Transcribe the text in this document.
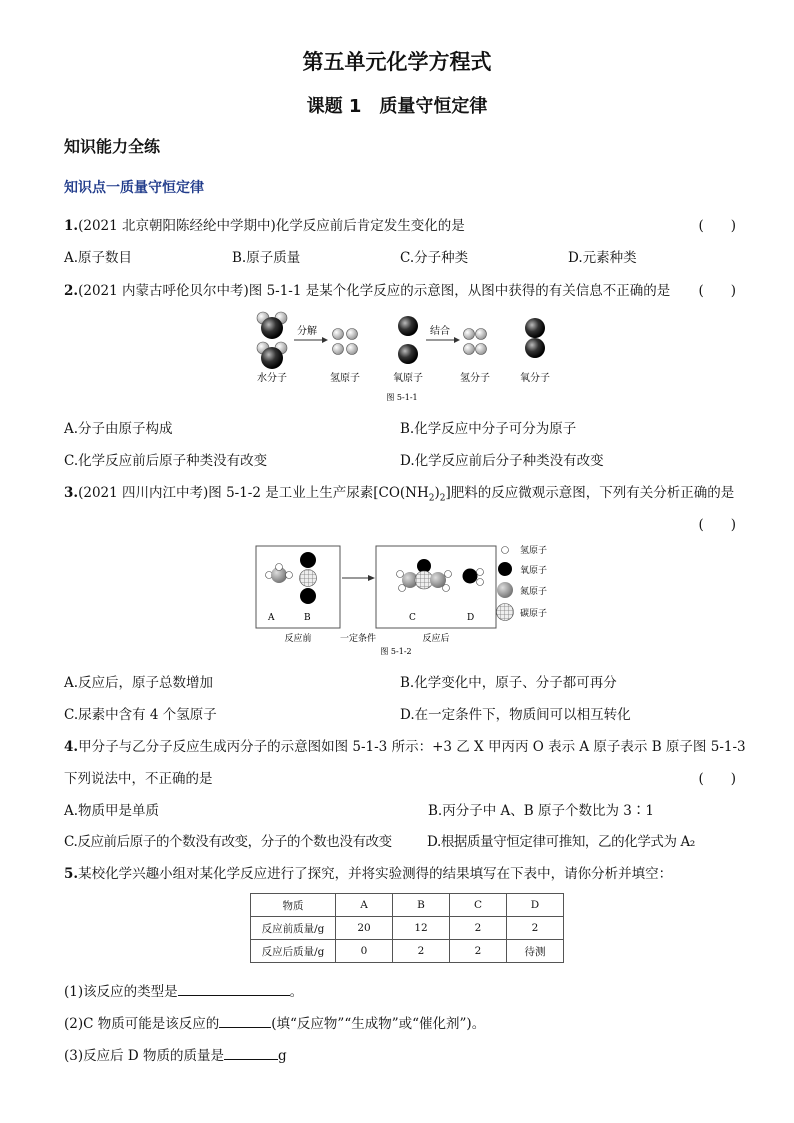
第五单元化学方程式
课题 1　质量守恒定律
知识能力全练
知识点一质量守恒定律
1.(2021 北京朝阳陈经纶中学期中)化学反应前后肯定发生变化的是	(　　)
A.原子数目	B.原子质量	C.分子种类	D.元素种类
2.(2021 内蒙古呼伦贝尔中考)图 5-1-1 是某个化学反应的示意图，从图中获得的有关信息不正确的是 (　　)
分解	结合
水分子	氢原子	氧原子	氢分子	氧分子
图 5-1-1
A.分子由原子构成	B.化学反应中分子可分为原子
C.化学反应前后原子种类没有改变	D.化学反应前后分子种类没有改变
3.(2021 四川内江中考)图 5-1-2 是工业上生产尿素$[CO(NH_2)_2]$肥料的反应微观示意图，下列有关分析正确的是
(　　)
A	B
一定条件
C	D
反应前	反应后
图 5-1-2
氢原子
氧原子
氮原子
碳原子
A.反应后，原子总数增加	B.化学变化中，原子、分子都可再分
C.尿素中含有 4 个氢原子	D.在一定条件下，物质间可以相互转化
4.甲分子与乙分子反应生成丙分子的示意图如图 5-1-3 所示：+3 乙 X 甲丙丙 O 表示 A 原子表示 B 原子图 5-1-3
下列说法中，不正确的是	(　　)
A.物质甲是单质	B.丙分子中 A、B 原子个数比为 3∶1
C.反应前后原子的个数没有改变，分子的个数也没有改变	D.根据质量守恒定律可推知，乙的化学式为 A₂
5.某校化学兴趣小组对某化学反应进行了探究，并将实验测得的结果填写在下表中，请你分析并填空：
物质	A	B	C	D
反应前质量/g	20	12	2	2
反应后质量/g	0	2	2	待测
(1)该反应的类型是	。
(2)C 物质可能是该反应的	(填“反应物”“生成物”或“催化剂”)。
(3)反应后 D 物质的质量是	g
